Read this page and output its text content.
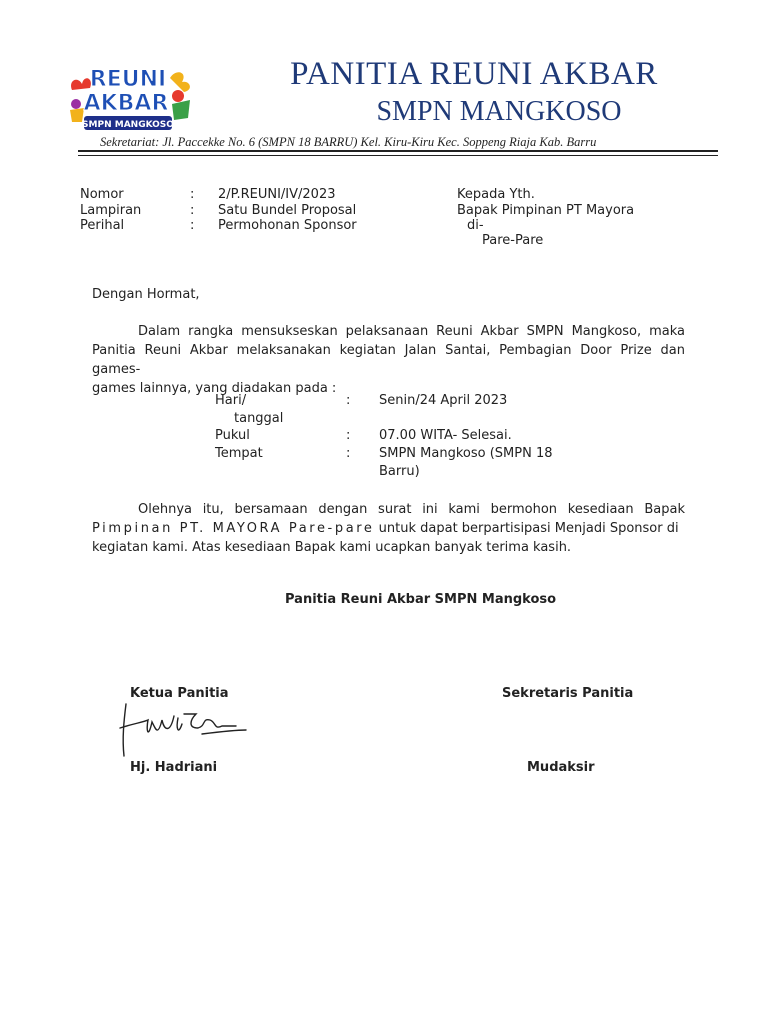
REUNI
AKBAR
SMPN MANGKOSO
PANITIA REUNI AKBAR
SMPN MANGKOSO
Sekretariat: Jl. Paccekke No. 6 (SMPN 18 BARRU) Kel. Kiru-Kiru Kec. Soppeng Riaja Kab. Barru
Nomor	: 2/P.REUNI/IV/2023
Lampiran	: Satu Bundel Proposal
Perihal	: Permohonan Sponsor
Kepada Yth.
Bapak Pimpinan PT Mayora
di-
Pare-Pare
Dengan Hormat,
Dalam rangka mensukseskan pelaksanaan Reuni Akbar SMPN Mangkoso, maka
Panitia Reuni Akbar melaksanakan kegiatan Jalan Santai, Pembagian Door Prize dan games-
games lainnya, yang diadakan pada :
Hari/
tanggal
: Senin/24 April 2023
Pukul	: 07.00 WITA- Selesai.
Tempat	: SMPN Mangkoso (SMPN 18
Barru)
Olehnya itu, bersamaan dengan surat ini kami bermohon kesediaan Bapak
Pimpinan PT. MAYORA Pare-pare untuk dapat berpartisipasi Menjadi Sponsor di
kegiatan kami. Atas kesediaan Bapak kami ucapkan banyak terima kasih.
Panitia Reuni Akbar SMPN Mangkoso
Ketua Panitia	Sekretaris Panitia
Hj. Hadriani	Mudaksir
